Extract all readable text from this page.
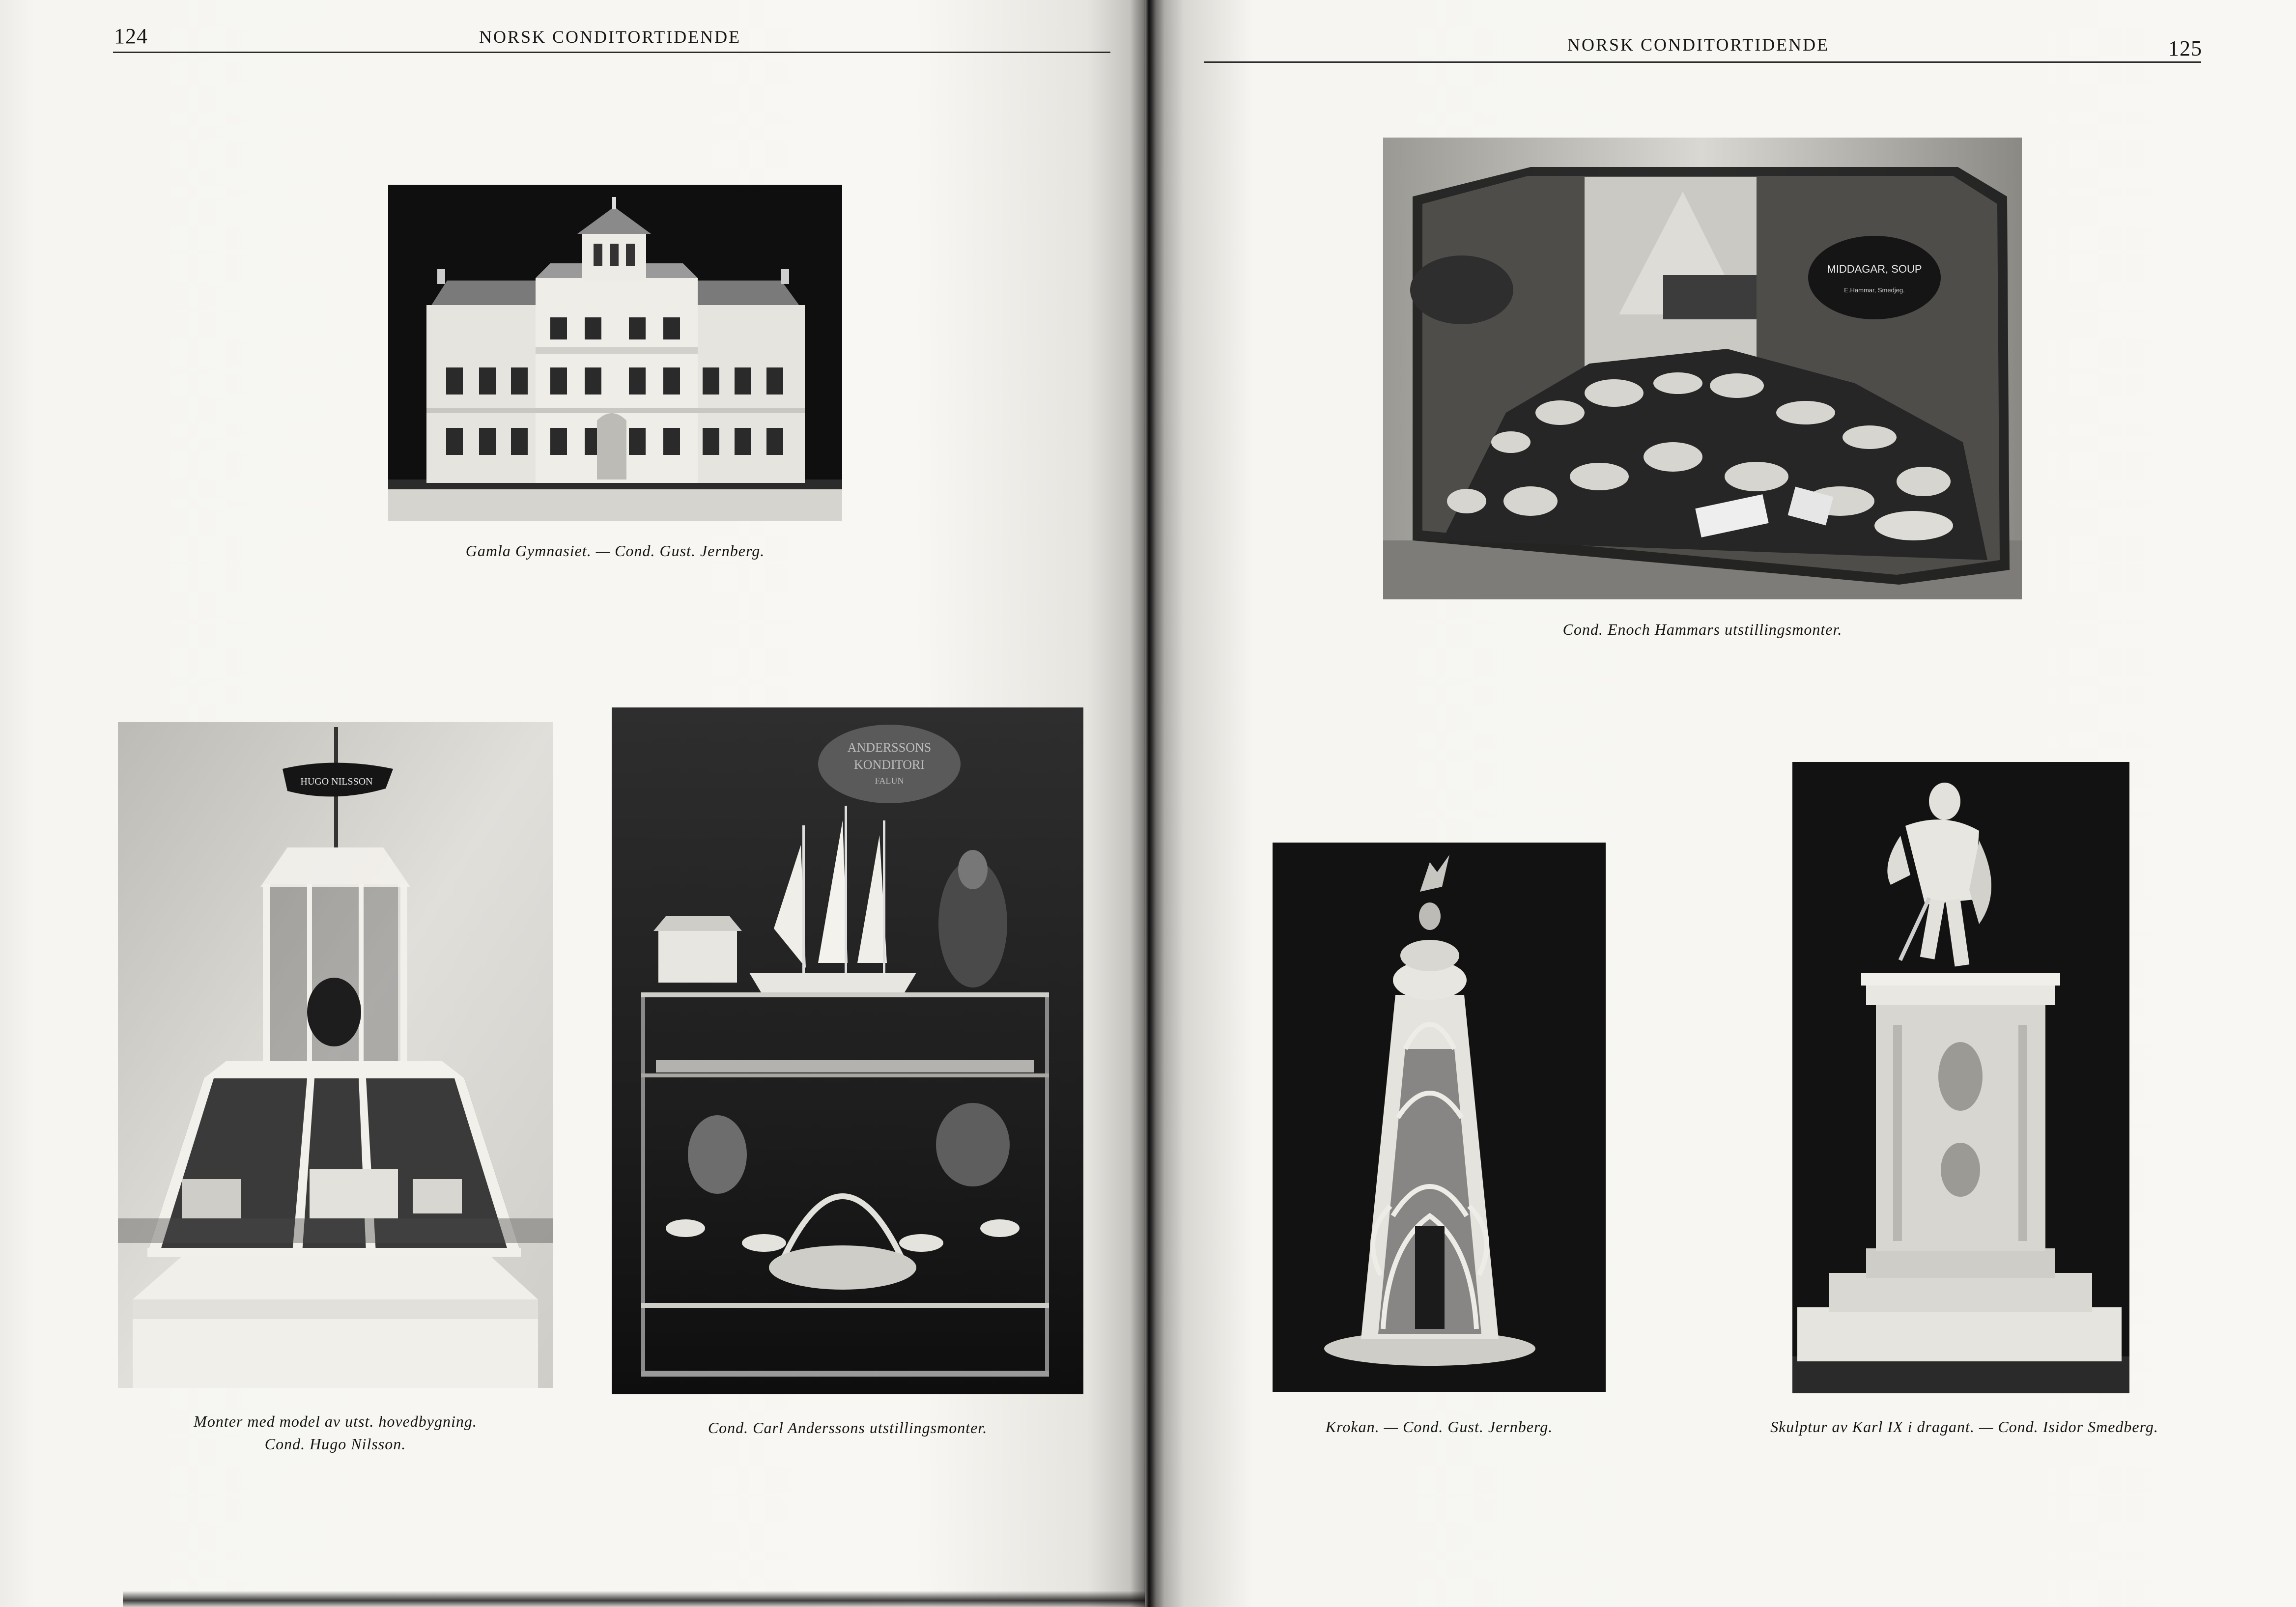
124	NORSK CONDITORTIDENDE
Gamla Gymnasiet. — Cond. Gust. Jernberg.
HUGO NILSSON
Monter med model av utst. hovedbygning.
Cond. Hugo Nilsson.
ANDERSSONS
KONDITORI
FALUN
Cond. Carl Anderssons utstillingsmonter.
NORSK CONDITORTIDENDE	125
MIDDAGAR, SOUP
E.Hammar, Smedjeg.
Cond. Enoch Hammars utstillingsmonter.
Krokan. — Cond. Gust. Jernberg.	Skulptur av Karl IX i dragant. — Cond. Isidor Smedberg.
